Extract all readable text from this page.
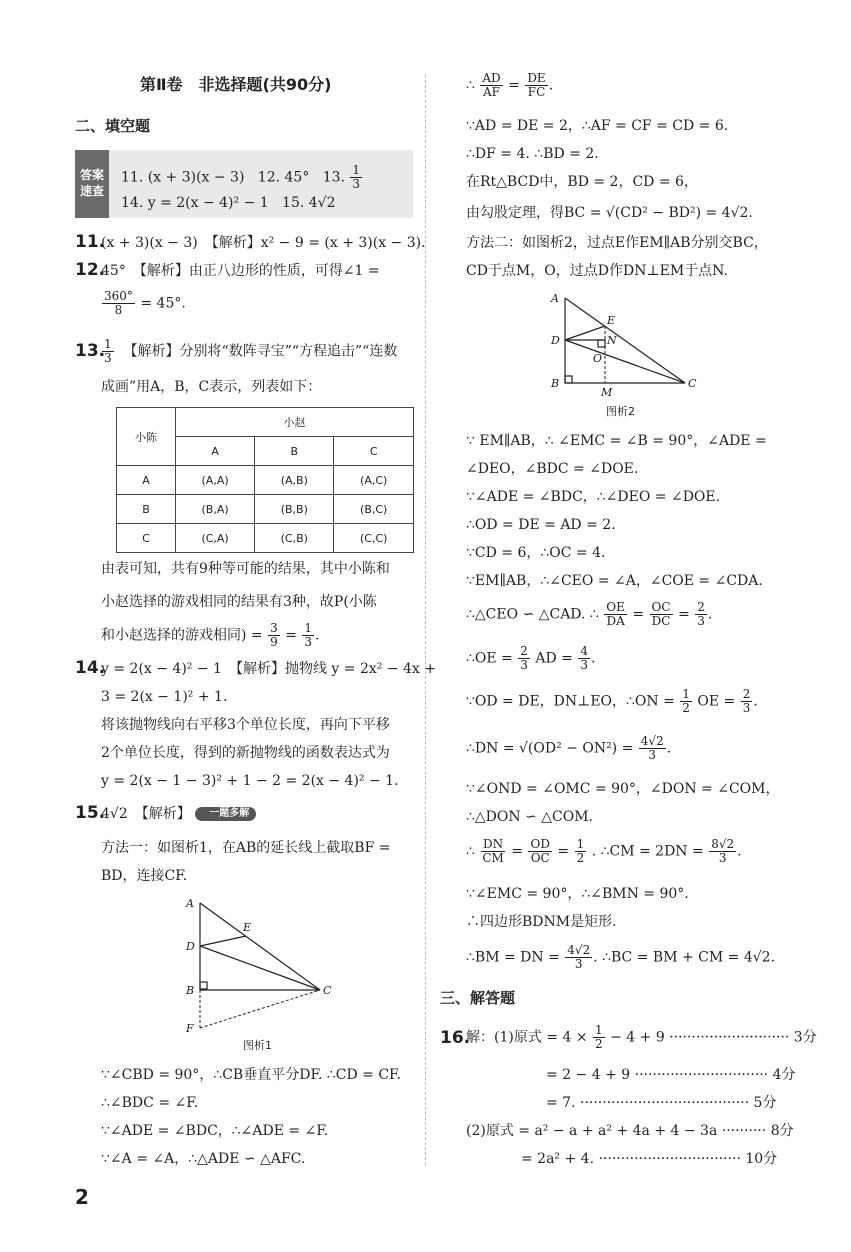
第Ⅱ卷　非选择题(共90分)
二、填空题
答案
速查
11. (x + 3)(x − 3) 12. 45° 13. $\frac{1}{3}$
14. y = 2(x − 4)² − 1 15. 4√2
11.
(x + 3)(x − 3)　【解析】x² − 9 = (x + 3)(x − 3).
12.
45°　【解析】由正八边形的性质，可得∠1 =
$\frac{360^\circ}{8} = 45^\circ$.
13.
$\frac{1}{3}$ 【解析】分别将“数阵寻宝”“方程追击”“连数
成画”用A，B，C表示，列表如下：
小陈	小赵		
	A	B	C
A	(A,A)	(A,B)	(A,C)
B	(B,A)	(B,B)	(B,C)
C	(C,A)	(C,B)	(C,C)
由表可知，共有9种等可能的结果，其中小陈和
小赵选择的游戏相同的结果有3种，故P(小陈
和小赵选择的游戏相同) = $\frac{3}{9} = \frac{1}{3}$ .
14.
y = 2(x − 4)² − 1　【解析】抛物线 y = 2x² − 4x +
3 = 2(x − 1)² + 1.
将该抛物线向右平移3个单位长度，再向下平移
2个单位长度，得到的新抛物线的函数表达式为
y = 2(x − 1 − 3)² + 1 − 2 = 2(x − 4)² − 1.
15.
4√2　【解析】 一题多解
方法一：如图析1，在AB的延长线上截取BF =
BD，连接CF.
A
E
D
B	C
F
图析1
∵∠CBD = 90°，∴CB垂直平分DF. ∴CD = CF.
∴∠BDC = ∠F.
∵∠ADE = ∠BDC，∴∠ADE = ∠F.
∵∠A = ∠A，∴△ADE ∽ △AFC.
∴ $\frac{AD}{AF} = \frac{DE}{FC}$ .
∵AD = DE = 2，∴AF = CF = CD = 6.
∴DF = 4. ∴BD = 2.
在Rt△BCD中，BD = 2，CD = 6，
由勾股定理，得BC = √(CD² − BD²) = 4√2.
方法二：如图析2，过点E作EM∥AB分别交BC，
CD于点M，O，过点D作DN⊥EM于点N.
A
E
D	N
O
B
M
C
图析2
∵ EM∥AB，∴ ∠EMC = ∠B = 90°，∠ADE =
∠DEO，∠BDC = ∠DOE.
∵∠ADE = ∠BDC，∴∠DEO = ∠DOE.
∴OD = DE = AD = 2.
∵CD = 6，∴OC = 4.
∵EM∥AB，∴∠CEO = ∠A，∠COE = ∠CDA.
∴△CEO ∽ △CAD. ∴ $\frac{OE}{DA} = \frac{OC}{DC} = \frac{2}{3}$ .
∴OE = $\frac{2}{3}$ AD = $\frac{4}{3}$ .
∵OD = DE，DN⊥EO，∴ON = $\frac{1}{2}$ OE = $\frac{2}{3}$ .
∴DN = $√(OD^2 - ON^2) = \frac{4√2}{3}$ .
∵∠OND = ∠OMC = 90°，∠DON = ∠COM，
∴△DON ∽ △COM.
∴ $\frac{DN}{CM} = \frac{OD}{OC} = \frac{1}{2}$ . ∴CM = $2DN = \frac{8√2}{3}$ .
∵∠EMC = 90°，∴∠BMN = 90°.
∴四边形BDNM是矩形.
∴BM = DN = $\frac{4√2}{3}$ . ∴BC = BM + CM = 4√2.
三、解答题
16.
解：(1)原式 = $4 \times \frac{1}{2} - 4 + 9$ ··························· 3分
= 2 − 4 + 9 ······························ 4分
= 7. ······································ 5分
(2)原式 = a² − a + a² + 4a + 4 − 3a ·········· 8分
= 2a² + 4. ································ 10分
2
